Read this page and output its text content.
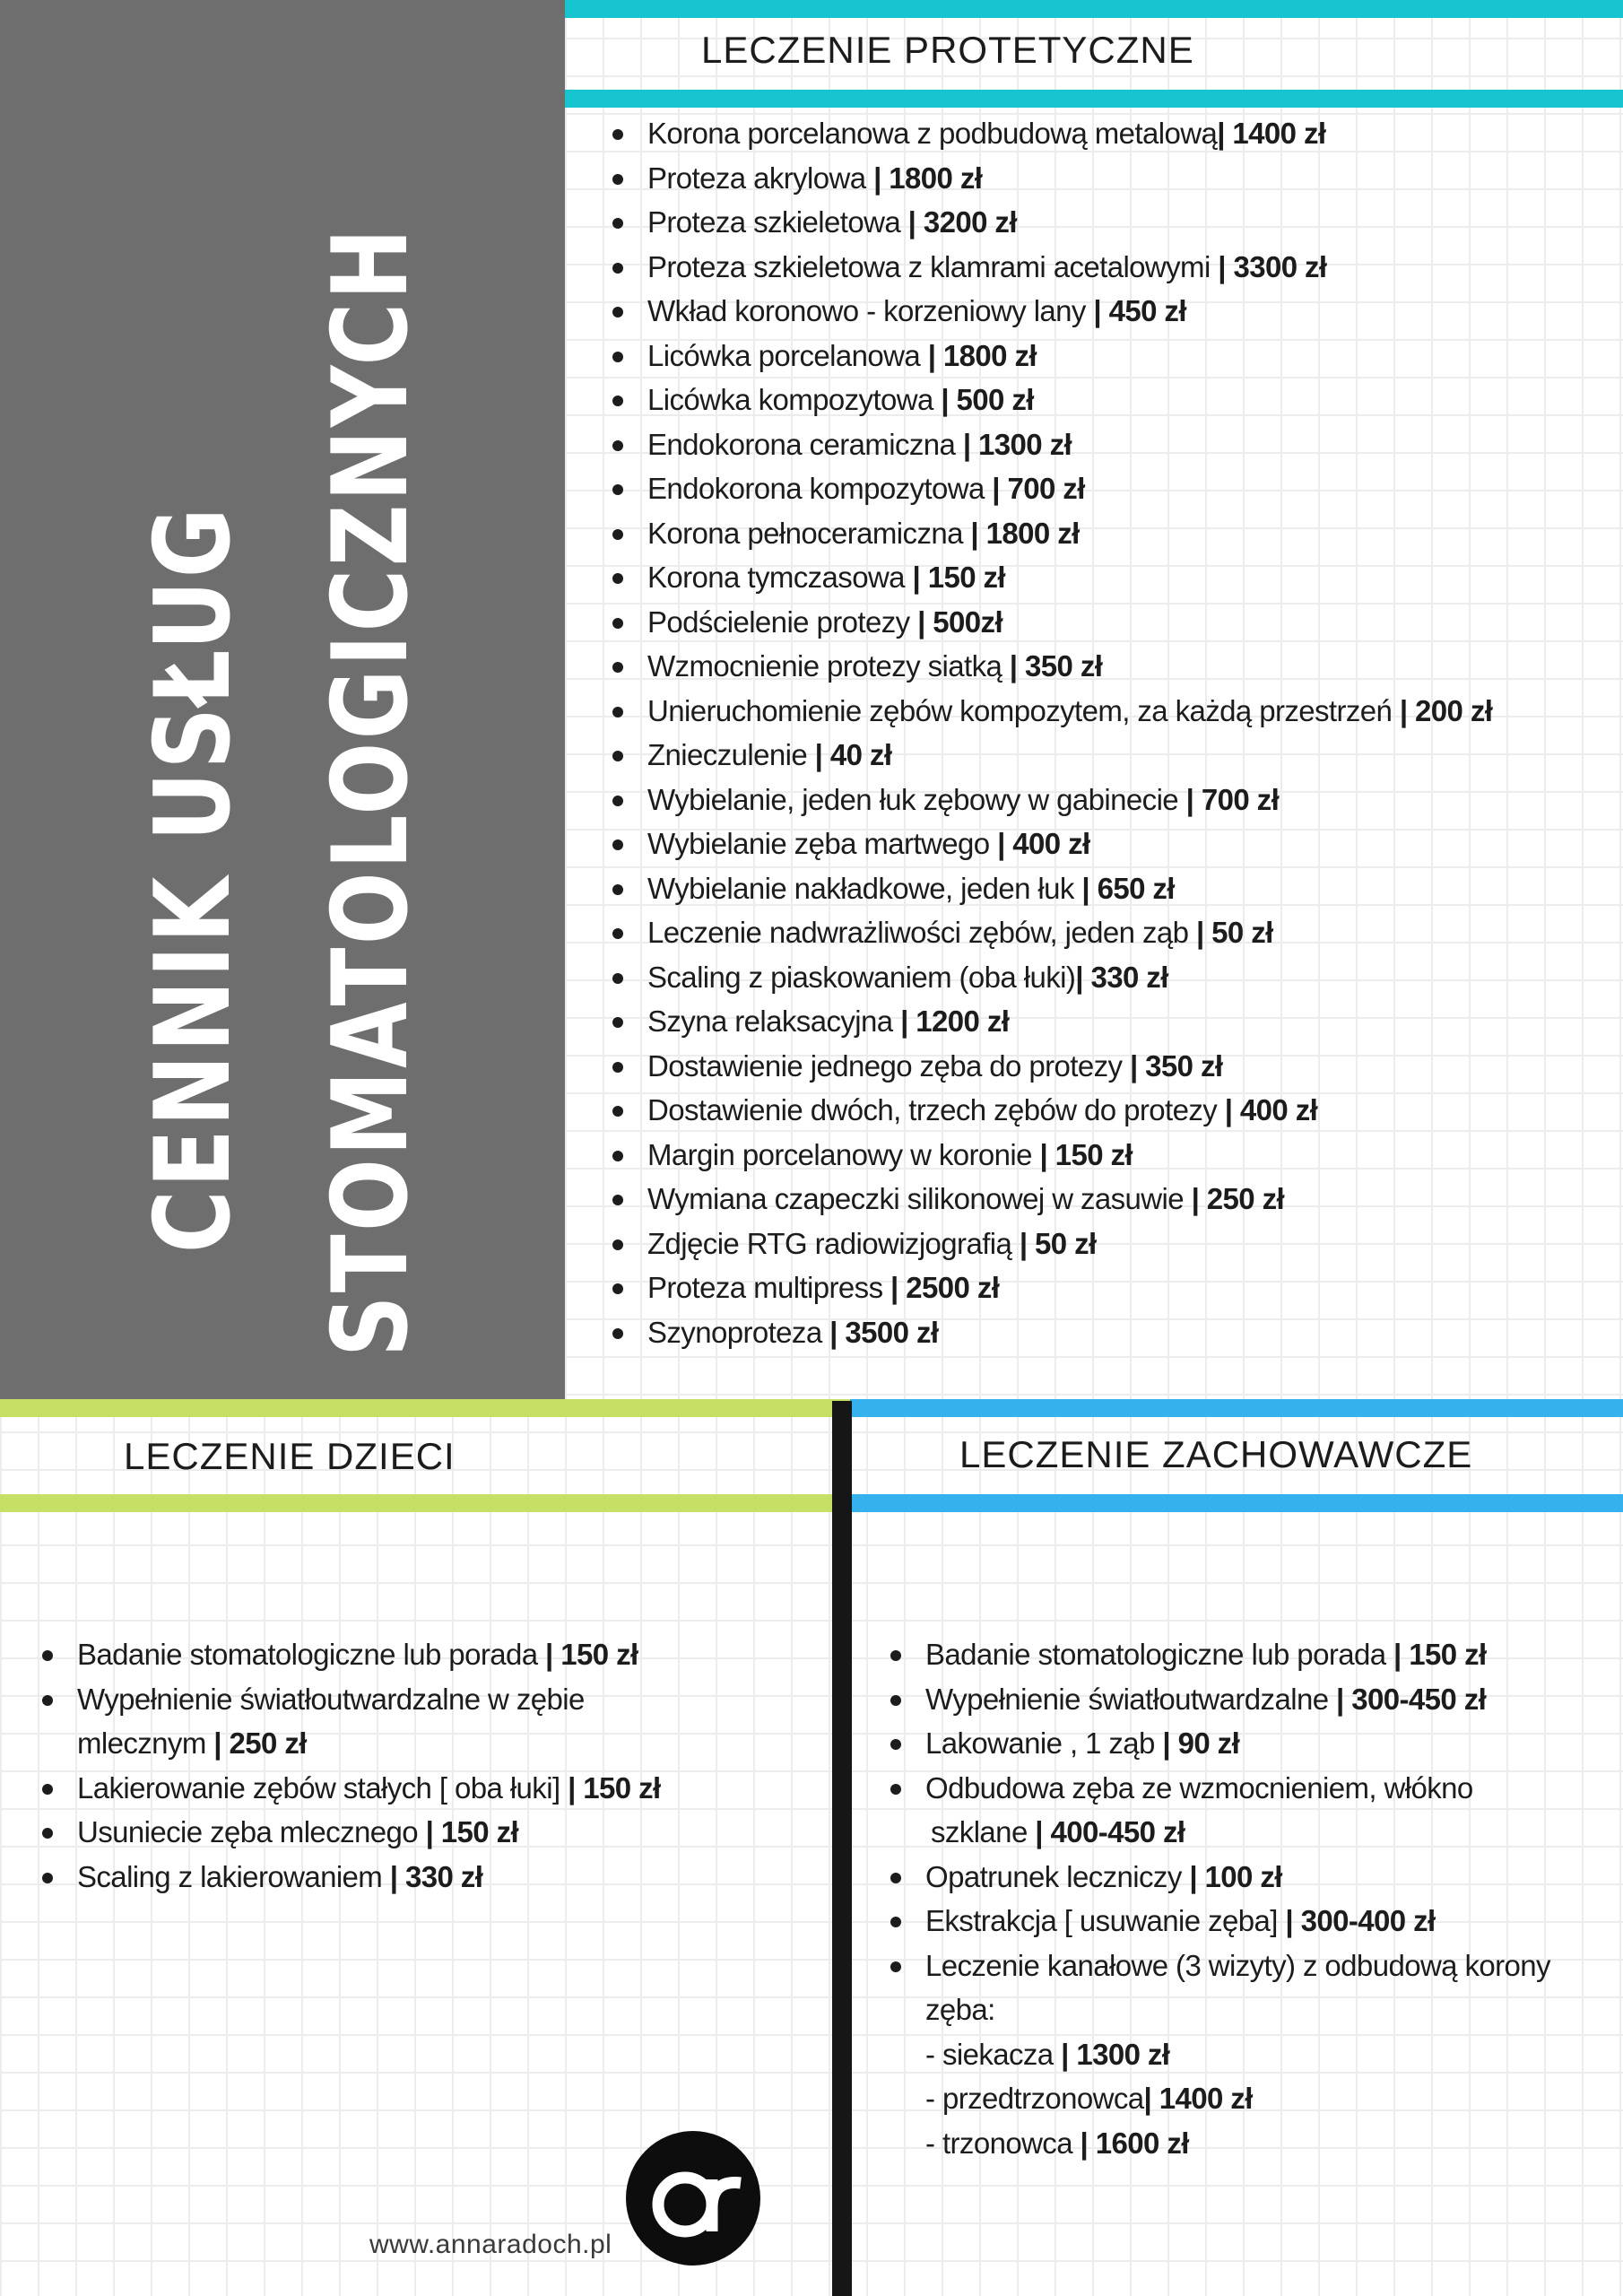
CENNIK USŁUG STOMATOLOGICZNYCH
LECZENIE PROTETYCZNE
Korona porcelanowa z podbudową metalową| 1400 zł
Proteza akrylowa | 1800 zł
Proteza szkieletowa | 3200 zł
Proteza szkieletowa z klamrami acetalowymi | 3300 zł
Wkład koronowo - korzeniowy lany | 450 zł
Licówka porcelanowa | 1800 zł
Licówka kompozytowa | 500 zł
Endokorona ceramiczna | 1300 zł
Endokorona kompozytowa | 700 zł
Korona pełnoceramiczna | 1800 zł
Korona tymczasowa | 150 zł
Podścielenie protezy | 500zł
Wzmocnienie protezy siatką | 350 zł
Unieruchomienie zębów kompozytem, za każdą przestrzeń | 200 zł
Znieczulenie | 40 zł
Wybielanie, jeden łuk zębowy w gabinecie | 700 zł
Wybielanie zęba martwego | 400 zł
Wybielanie nakładkowe, jeden łuk | 650 zł
Leczenie nadwrażliwości zębów, jeden ząb | 50 zł
Scaling z piaskowaniem (oba łuki)| 330 zł
Szyna relaksacyjna | 1200 zł
Dostawienie jednego zęba do protezy | 350 zł
Dostawienie dwóch, trzech zębów do protezy | 400 zł
Margin porcelanowy w koronie | 150 zł
Wymiana czapeczki silikonowej w zasuwie | 250 zł
Zdjęcie RTG radiowizjografią | 50 zł
Proteza multipress | 2500 zł
Szynoproteza | 3500 zł
LECZENIE DZIECI
Badanie stomatologiczne lub porada | 150 zł
Wypełnienie światłoutwardzalne w zębie
mlecznym | 250 zł
Lakierowanie zębów stałych [ oba łuki] | 150 zł
Usuniecie zęba mlecznego | 150 zł
Scaling z lakierowaniem | 330 zł
LECZENIE ZACHOWAWCZE
Badanie stomatologiczne lub porada | 150 zł
Wypełnienie światłoutwardzalne | 300-450 zł
Lakowanie , 1 ząb | 90 zł
Odbudowa zęba ze wzmocnieniem, włókno
szklane | 400-450 zł
Opatrunek leczniczy | 100 zł
Ekstrakcja [ usuwanie zęba] | 300-400 zł
Leczenie kanałowe (3 wizyty) z odbudową korony
zęba:
- siekacza | 1300 zł
- przedtrzonowca| 1400 zł
- trzonowca | 1600 zł
www.annaradoch.pl
